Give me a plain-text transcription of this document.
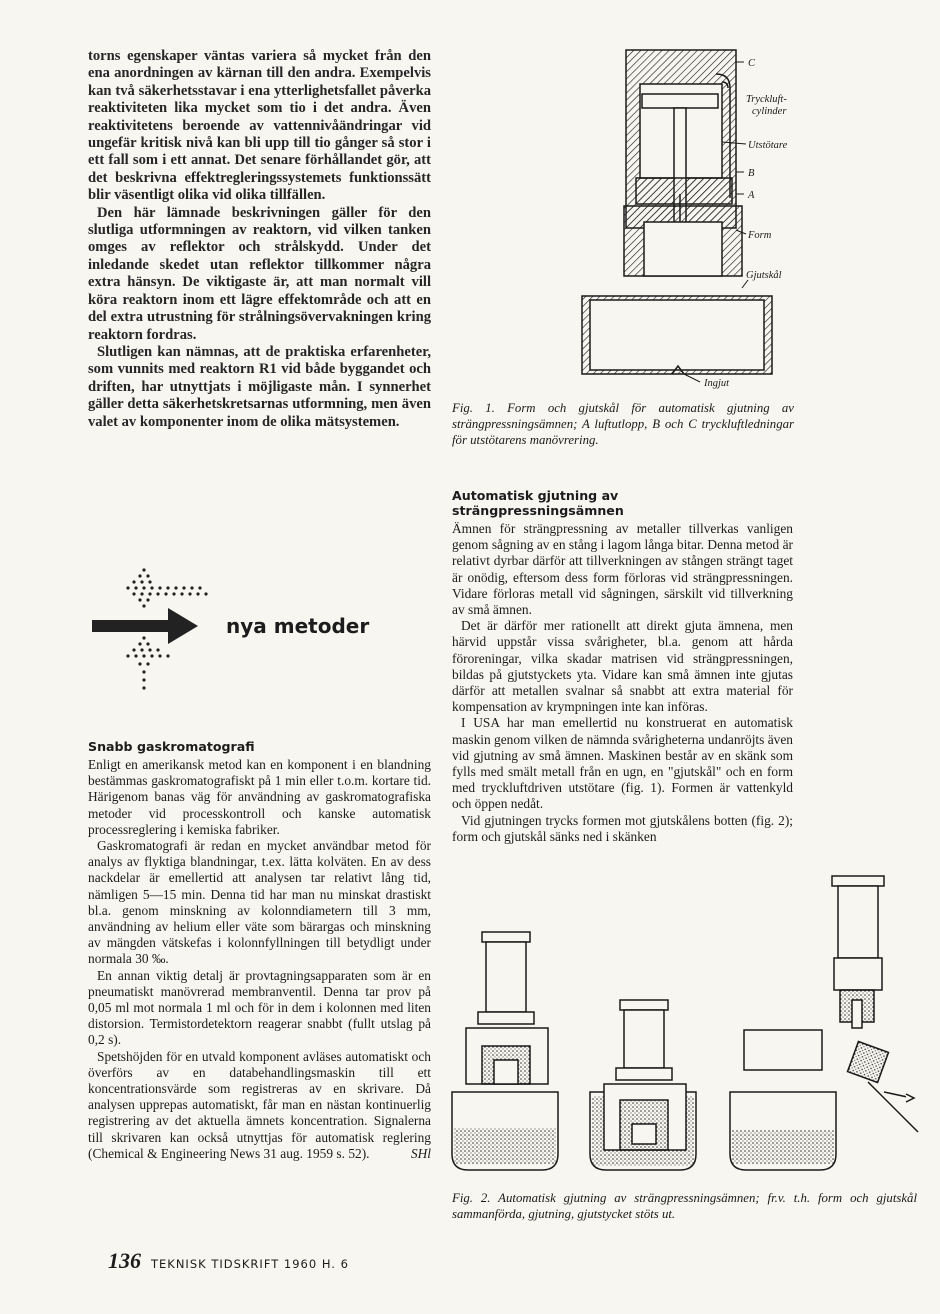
torns egenskaper väntas variera så mycket från den ena anordningen av kärnan till den andra. Exempelvis kan två säkerhetsstavar i ena ytterlighetsfallet påverka reaktiviteten lika mycket som tio i det andra. Även reaktivitetens beroende av vattennivåändringar vid ungefär kritisk nivå kan bli upp till tio gånger så stor i ett fall som i ett annat. Det senare förhållandet gör, att det beskrivna effektregleringssystemets funktionssätt blir väsentligt olika vid olika tillfällen.

Den här lämnade beskrivningen gäller för den slutliga utformningen av reaktorn, vid vilken tanken omges av reflektor och strålskydd. Under det inledande skedet utan reflektor tillkommer några extra hänsyn. De viktigaste är, att man normalt vill köra reaktorn inom ett lägre effektområde och att en del extra utrustning för strålningsövervakningen kring reaktorn fordras.

Slutligen kan nämnas, att de praktiska erfarenheter, som vunnits med reaktorn R1 vid både byggandet och driften, har utnyttjats i möjligaste mån. I synnerhet gäller detta säkerhetskretsarnas utformning, men även valet av komponenter inom de olika mätsystemen.

nya metoder

Snabb gaskromatografi

Enligt en amerikansk metod kan en komponent i en blandning bestämmas gaskromatografiskt på 1 min eller t.o.m. kortare tid. Härigenom banas väg för användning av gaskromatografiska metoder vid processkontroll och kanske automatisk processreglering i kemiska fabriker.

Gaskromatografi är redan en mycket användbar metod för analys av flyktiga blandningar, t.ex. lätta kolväten. En av dess nackdelar är emellertid att analysen tar relativt lång tid, nämligen 5—15 min. Denna tid har man nu minskat drastiskt bl.a. genom minskning av kolonndiametern till 3 mm, användning av helium eller väte som bärargas och minskning av mängden vätskefas i kolonnfyllningen till betydligt under normala 30 ‰.

En annan viktig detalj är provtagningsapparaten som är en pneumatiskt manövrerad membranventil. Denna tar prov på 0,05 ml mot normala 1 ml och för in dem i kolonnen med liten distorsion. Termistordetektorn reagerar snabbt (fullt utslag på 0,2 s).

Spetshöjden för en utvald komponent avläses automatiskt och överförs av en databehandlingsmaskin till ett koncentrationsvärde som registreras av en skrivare. Då analysen upprepas automatiskt, får man en nästan kontinuerlig registrering av det aktuella ämnets koncentration. Signalerna till skrivaren kan också utnyttjas för automatisk reglering (Chemical & Engineering News 31 aug. 1959 s. 52).	SHl

C
Tryckluft-
cylinder
Utstötare
B
A
Form
Gjutskål
Ingjut

Fig. 1. Form och gjutskål för automatisk gjutning av strängpressningsämnen; A luftutlopp, B och C tryckluftledningar för utstötarens manövrering.

Automatisk gjutning av strängpressningsämnen

Ämnen för strängpressning av metaller tillverkas vanligen genom sågning av en stång i lagom långa bitar. Denna metod är relativt dyrbar därför att tillverkningen av stången strängt taget är onödig, eftersom dess form förloras vid strängpressningen. Vidare förloras metall vid sågningen, särskilt vid tillverkning av små ämnen.

Det är därför mer rationellt att direkt gjuta ämnena, men härvid uppstår vissa svårigheter, bl.a. genom att hårda föroreningar, vilka skadar matrisen vid strängpressningen, bildas på gjutstyckets yta. Vidare kan små ämnen inte gjutas därför att metallen svalnar så snabbt att extra material för kompensation av krympningen inte kan införas.

I USA har man emellertid nu konstruerat en automatisk maskin genom vilken de nämnda svårigheterna undanröjts även vid gjutning av små ämnen. Maskinen består av en skänk som fylls med smält metall från en ugn, en "gjutskål" och en form med tryckluftdriven utstötare (fig. 1). Formen är vattenkyld och öppen nedåt.

Vid gjutningen trycks formen mot gjutskålens botten (fig. 2); form och gjutskål sänks ned i skänken

Fig. 2. Automatisk gjutning av strängpressningsämnen; fr.v. t.h. form och gjutskål sammanförda, gjutning, gjutstycket stöts ut.

136 TEKNISK TIDSKRIFT 1960 H. 6
